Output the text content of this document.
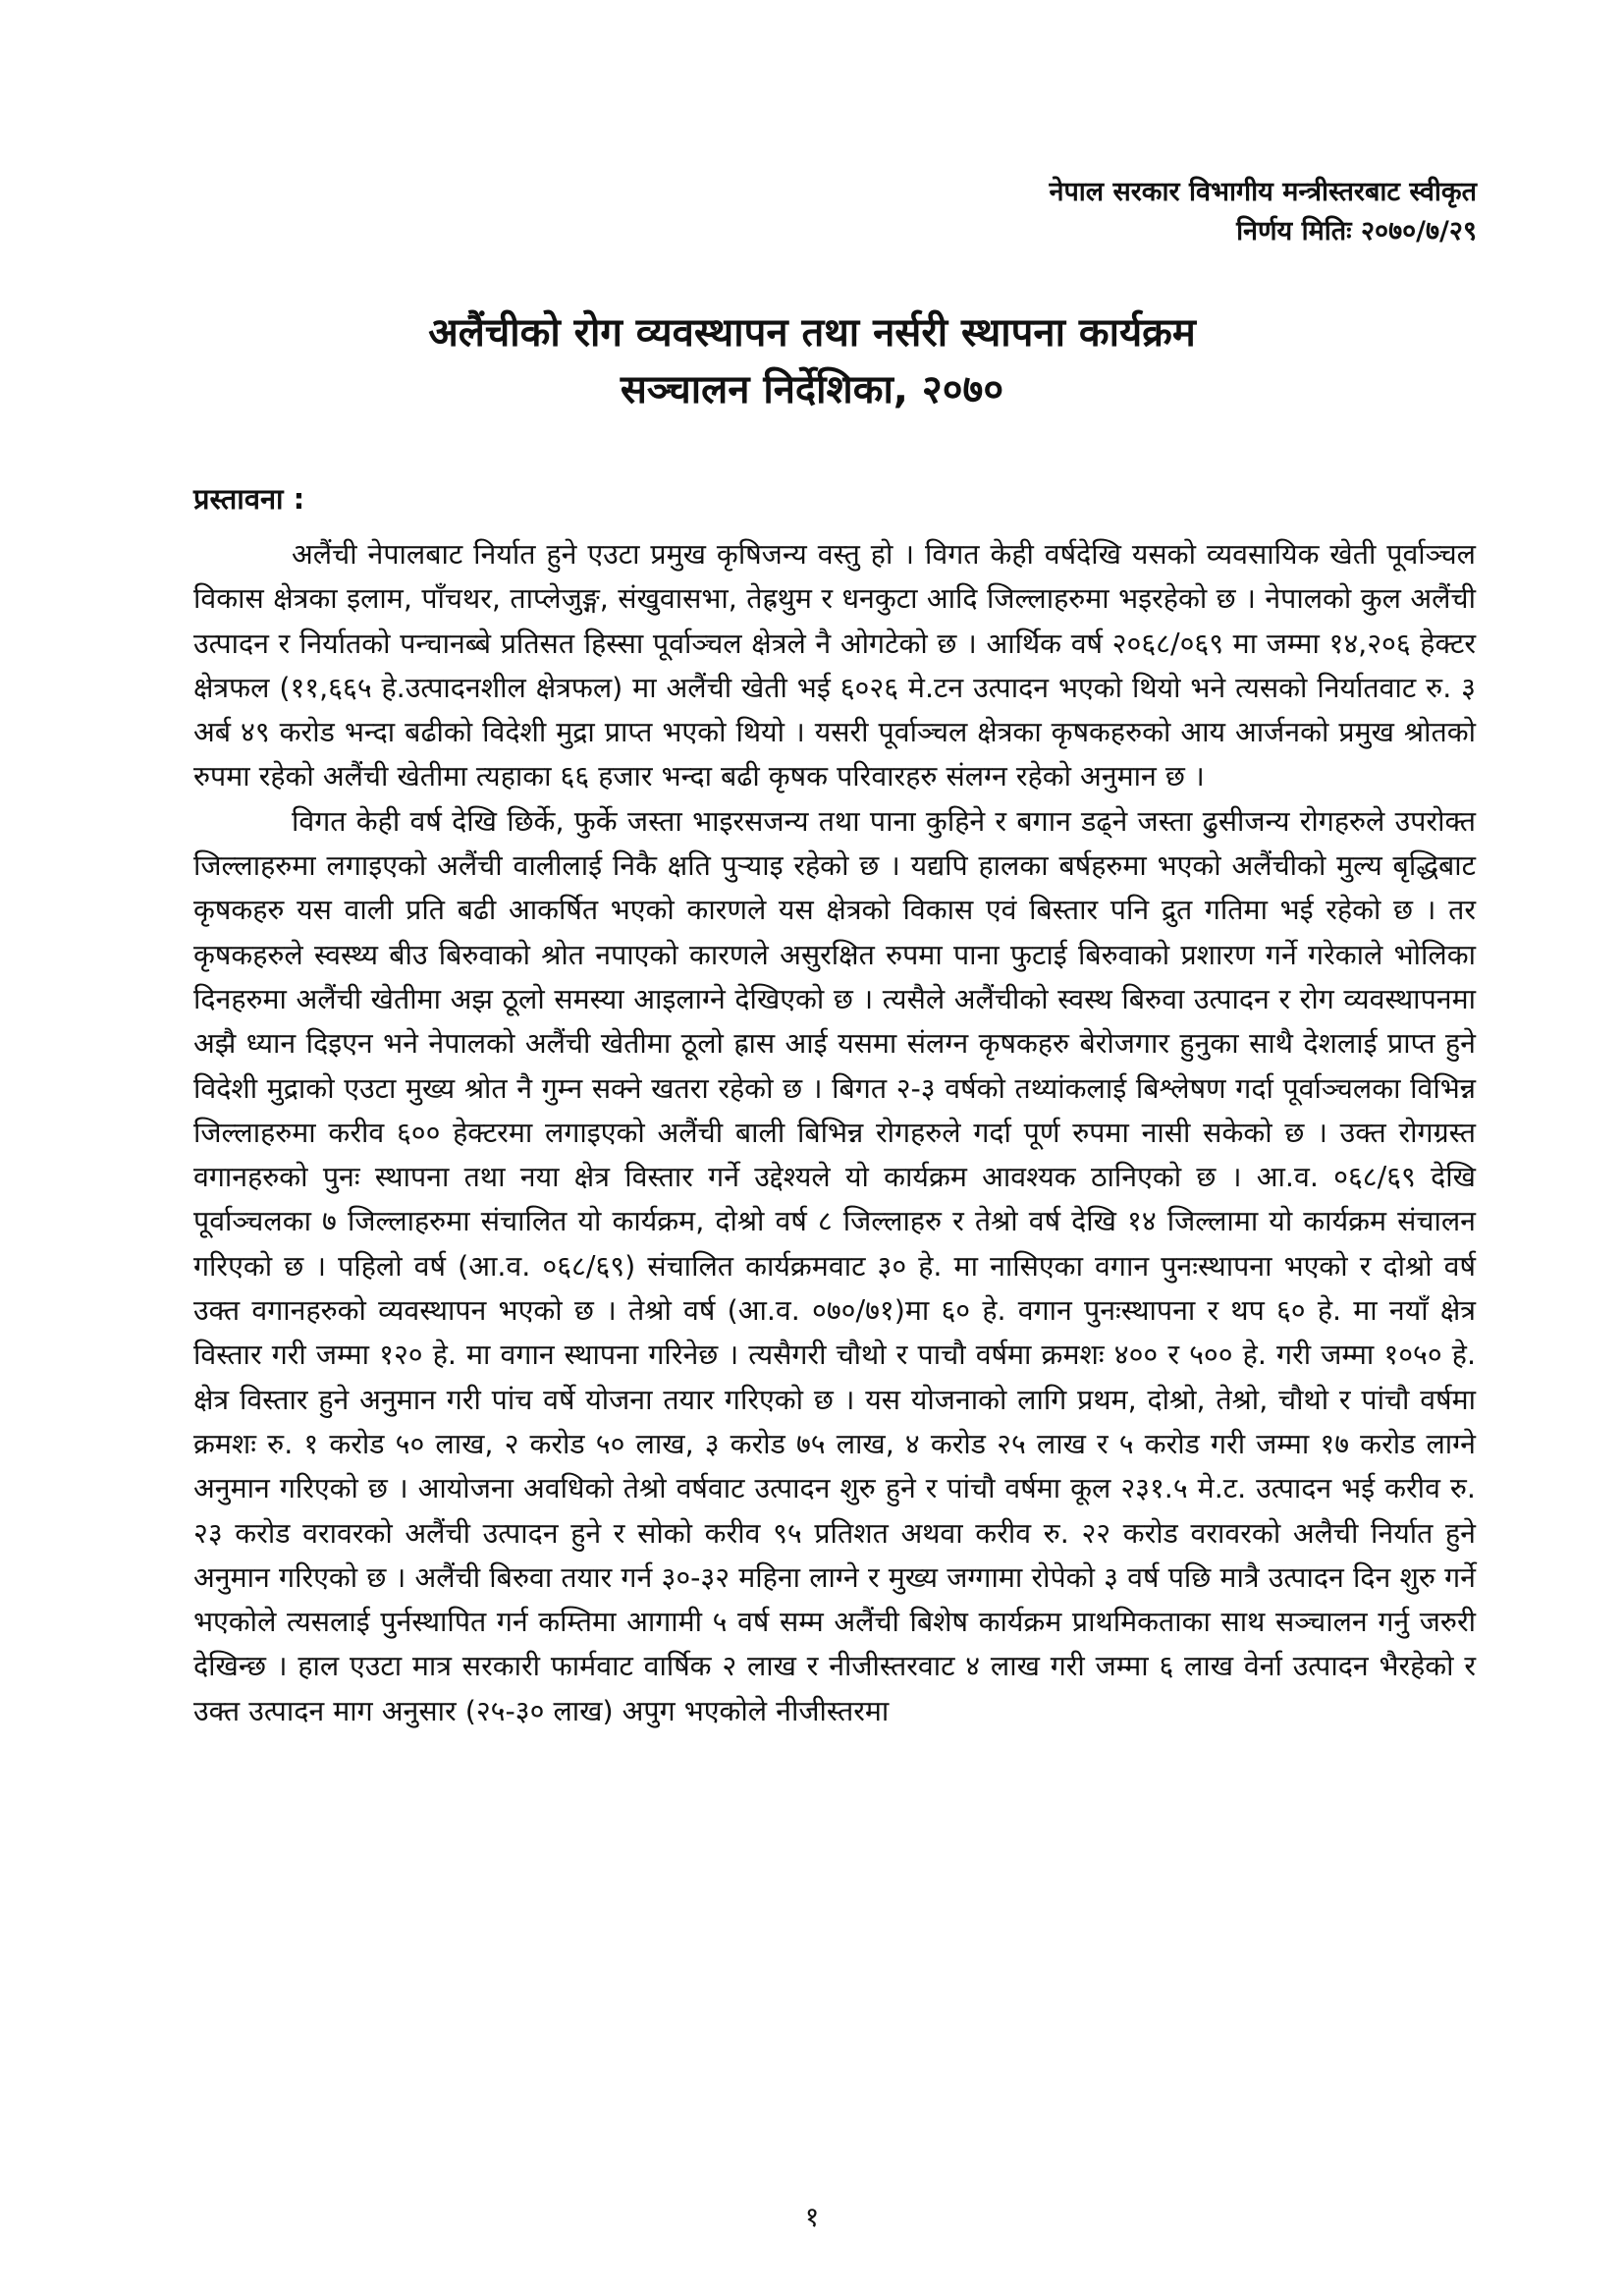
नेपाल सरकार विभागीय मन्त्रीस्तरबाट स्वीकृत
निर्णय मितिः २०७०/७/२९
अलैंचीको रोग व्यवस्थापन तथा नर्सरी स्थापना कार्यक्रम
सञ्चालन निर्देशिका, २०७०
प्रस्तावना :

अलैंची नेपालबाट निर्यात हुने एउटा प्रमुख कृषिजन्य वस्तु हो । विगत केही वर्षदेखि यसको व्यवसायिक खेती पूर्वाञ्चल विकास क्षेत्रका इलाम, पाँचथर, ताप्लेजुङ्ग, संखुवासभा, तेह्रथुम र धनकुटा आदि जिल्लाहरुमा भइरहेको छ । नेपालको कुल अलैंची उत्पादन र निर्यातको पन्चानब्बे प्रतिसत हिस्सा पूर्वाञ्चल क्षेत्रले नै ओगटेको छ । आर्थिक वर्ष २०६८/०६९ मा जम्मा १४,२०६ हेक्टर क्षेत्रफल (११,६६५ हे.उत्पादनशील क्षेत्रफल) मा अलैंची खेती भई ६०२६ मे.टन उत्पादन भएको थियो भने त्यसको निर्यातवाट रु. ३ अर्ब ४९ करोड भन्दा बढीको विदेशी मुद्रा प्राप्त भएको थियो । यसरी पूर्वाञ्चल क्षेत्रका कृषकहरुको आय आर्जनको प्रमुख श्रोतको रुपमा रहेको अलैंची खेतीमा त्यहाका ६६ हजार भन्दा बढी कृषक परिवारहरु संलग्न रहेको अनुमान छ ।

विगत केही वर्ष देखि छिर्के, फुर्के जस्ता भाइरसजन्य तथा पाना कुहिने र बगान डढ्ने जस्ता ढुसीजन्य रोगहरुले उपरोक्त जिल्लाहरुमा लगाइएको अलैंची वालीलाई निकै क्षति पुऱ्याइ रहेको छ । यद्यपि हालका बर्षहरुमा भएको अलैंचीको मुल्य बृद्धिबाट कृषकहरु यस वाली प्रति बढी आकर्षित भएको कारणले यस क्षेत्रको विकास एवं बिस्तार पनि द्रुत गतिमा भई रहेको छ । तर कृषकहरुले स्वस्थ्य बीउ बिरुवाको श्रोत नपाएको कारणले असुरक्षित रुपमा पाना फुटाई बिरुवाको प्रशारण गर्ने गरेकाले भोलिका दिनहरुमा अलैंची खेतीमा अझ ठूलो समस्या आइलाग्ने देखिएको छ । त्यसैले अलैंचीको स्वस्थ बिरुवा उत्पादन र रोग व्यवस्थापनमा अझै ध्यान दिइएन भने नेपालको अलैंची खेतीमा ठूलो ह्रास आई यसमा संलग्न कृषकहरु बेरोजगार हुनुका साथै देशलाई प्राप्त हुने विदेशी मुद्राको एउटा मुख्य श्रोत नै गुम्न सक्ने खतरा रहेको छ । बिगत २-३ वर्षको तथ्यांकलाई बिश्लेषण गर्दा पूर्वाञ्चलका विभिन्न जिल्लाहरुमा करीव ६०० हेक्टरमा लगाइएको अलैंची बाली बिभिन्न रोगहरुले गर्दा पूर्ण रुपमा नासी सकेको छ । उक्त रोगग्रस्त वगानहरुको पुनः स्थापना तथा नया क्षेत्र विस्तार गर्ने उद्देश्यले यो कार्यक्रम आवश्यक ठानिएको छ । आ.व. ०६८/६९ देखि पूर्वाञ्चलका ७ जिल्लाहरुमा संचालित यो कार्यक्रम, दोश्रो वर्ष ८ जिल्लाहरु र तेश्रो वर्ष देखि १४ जिल्लामा यो कार्यक्रम संचालन गरिएको छ । पहिलो वर्ष (आ.व. ०६८/६९) संचालित कार्यक्रमवाट ३० हे. मा नासिएका वगान पुनःस्थापना भएको र दोश्रो वर्ष उक्त वगानहरुको व्यवस्थापन भएको छ । तेश्रो वर्ष (आ.व. ०७०/७१)मा ६० हे. वगान पुनःस्थापना र थप ६० हे. मा नयाँ क्षेत्र विस्तार गरी जम्मा १२० हे. मा वगान स्थापना गरिनेछ । त्यसैगरी चौथो र पाचौ वर्षमा क्रमशः ४०० र ५०० हे. गरी जम्मा १०५० हे. क्षेत्र विस्तार हुने अनुमान गरी पांच वर्षे योजना तयार गरिएको छ । यस योजनाको लागि प्रथम, दोश्रो, तेश्रो, चौथो र पांचौ वर्षमा क्रमशः रु. १ करोड ५० लाख, २ करोड ५० लाख, ३ करोड ७५ लाख, ४ करोड २५ लाख र ५ करोड गरी जम्मा १७ करोड लाग्ने अनुमान गरिएको छ । आयोजना अवधिको तेश्रो वर्षवाट उत्पादन शुरु हुने र पांचौ वर्षमा कूल २३१.५ मे.ट. उत्पादन भई करीव रु. २३ करोड वरावरको अलैंची उत्पादन हुने र सोको करीव ९५ प्रतिशत अथवा करीव रु. २२ करोड वरावरको अलैची निर्यात हुने अनुमान गरिएको छ । अलैंची बिरुवा तयार गर्न ३०-३२ महिना लाग्ने र मुख्य जग्गामा रोपेको ३ वर्ष पछि मात्रै उत्पादन दिन शुरु गर्ने भएकोले त्यसलाई पुर्नस्थापित गर्न कम्तिमा आगामी ५ वर्ष सम्म अलैंची बिशेष कार्यक्रम प्राथमिकताका साथ सञ्चालन गर्नु जरुरी देखिन्छ । हाल एउटा मात्र सरकारी फार्मवाट वार्षिक २ लाख र नीजीस्तरवाट ४ लाख गरी जम्मा ६ लाख वेर्ना उत्पादन भैरहेको र उक्त उत्पादन माग अनुसार (२५-३० लाख) अपुग भएकोले नीजीस्तरमा

१
